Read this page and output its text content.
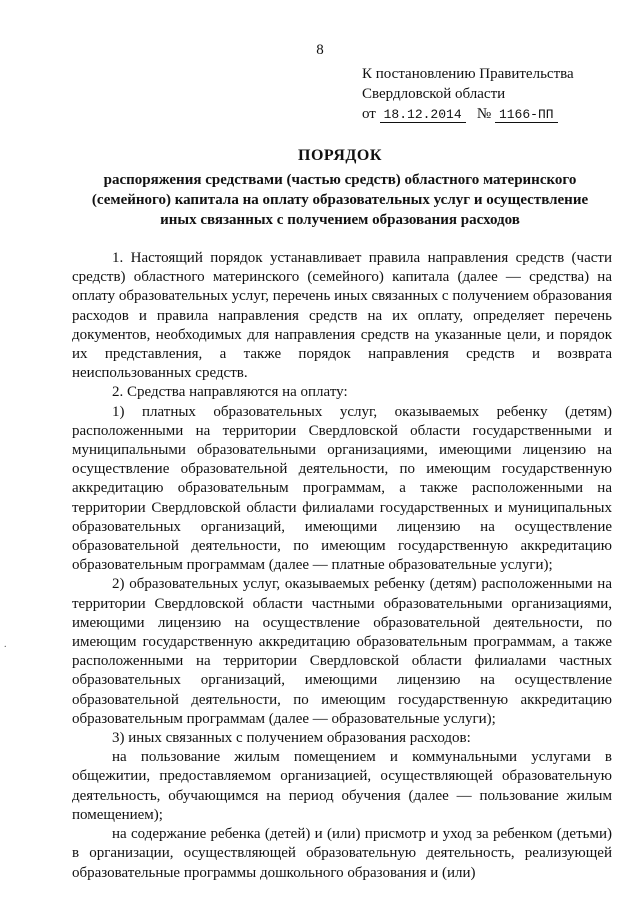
8
К постановлению Правительства
Свердловской области
от 18.12.2014 № 1166-ПП
ПОРЯДОК
распоряжения средствами (частью средств) областного материнского
(семейного) капитала на оплату образовательных услуг и осуществление
иных связанных с получением образования расходов

1. Настоящий порядок устанавливает правила направления средств (части средств) областного материнского (семейного) капитала (далее — средства) на оплату образовательных услуг, перечень иных связанных с получением образования расходов и правила направления средств на их оплату, определяет перечень документов, необходимых для направления средств на указанные цели, и порядок их представления, а также порядок направления средств и возврата неиспользованных средств.

2. Средства направляются на оплату:

1) платных образовательных услуг, оказываемых ребенку (детям) расположенными на территории Свердловской области государственными и муниципальными образовательными организациями, имеющими лицензию на осуществление образовательной деятельности, по имеющим государственную аккредитацию образовательным программам, а также расположенными на территории Свердловской области филиалами государственных и муниципальных образовательных организаций, имеющими лицензию на осуществление образовательной деятельности, по имеющим государственную аккредитацию образовательным программам (далее — платные образовательные услуги);

2) образовательных услуг, оказываемых ребенку (детям) расположенными на территории Свердловской области частными образовательными организациями, имеющими лицензию на осуществление образовательной деятельности, по имеющим государственную аккредитацию образовательным программам, а также расположенными на территории Свердловской области филиалами частных образовательных организаций, имеющими лицензию на осуществление образовательной деятельности, по имеющим государственную аккредитацию образовательным программам (далее — образовательные услуги);

3) иных связанных с получением образования расходов:

на пользование жилым помещением и коммунальными услугами в общежитии, предоставляемом организацией, осуществляющей образовательную деятельность, обучающимся на период обучения (далее — пользование жилым помещением);

на содержание ребенка (детей) и (или) присмотр и уход за ребенком (детьми) в организации, осуществляющей образовательную деятельность, реализующей образовательные программы дошкольного образования и (или)

.
